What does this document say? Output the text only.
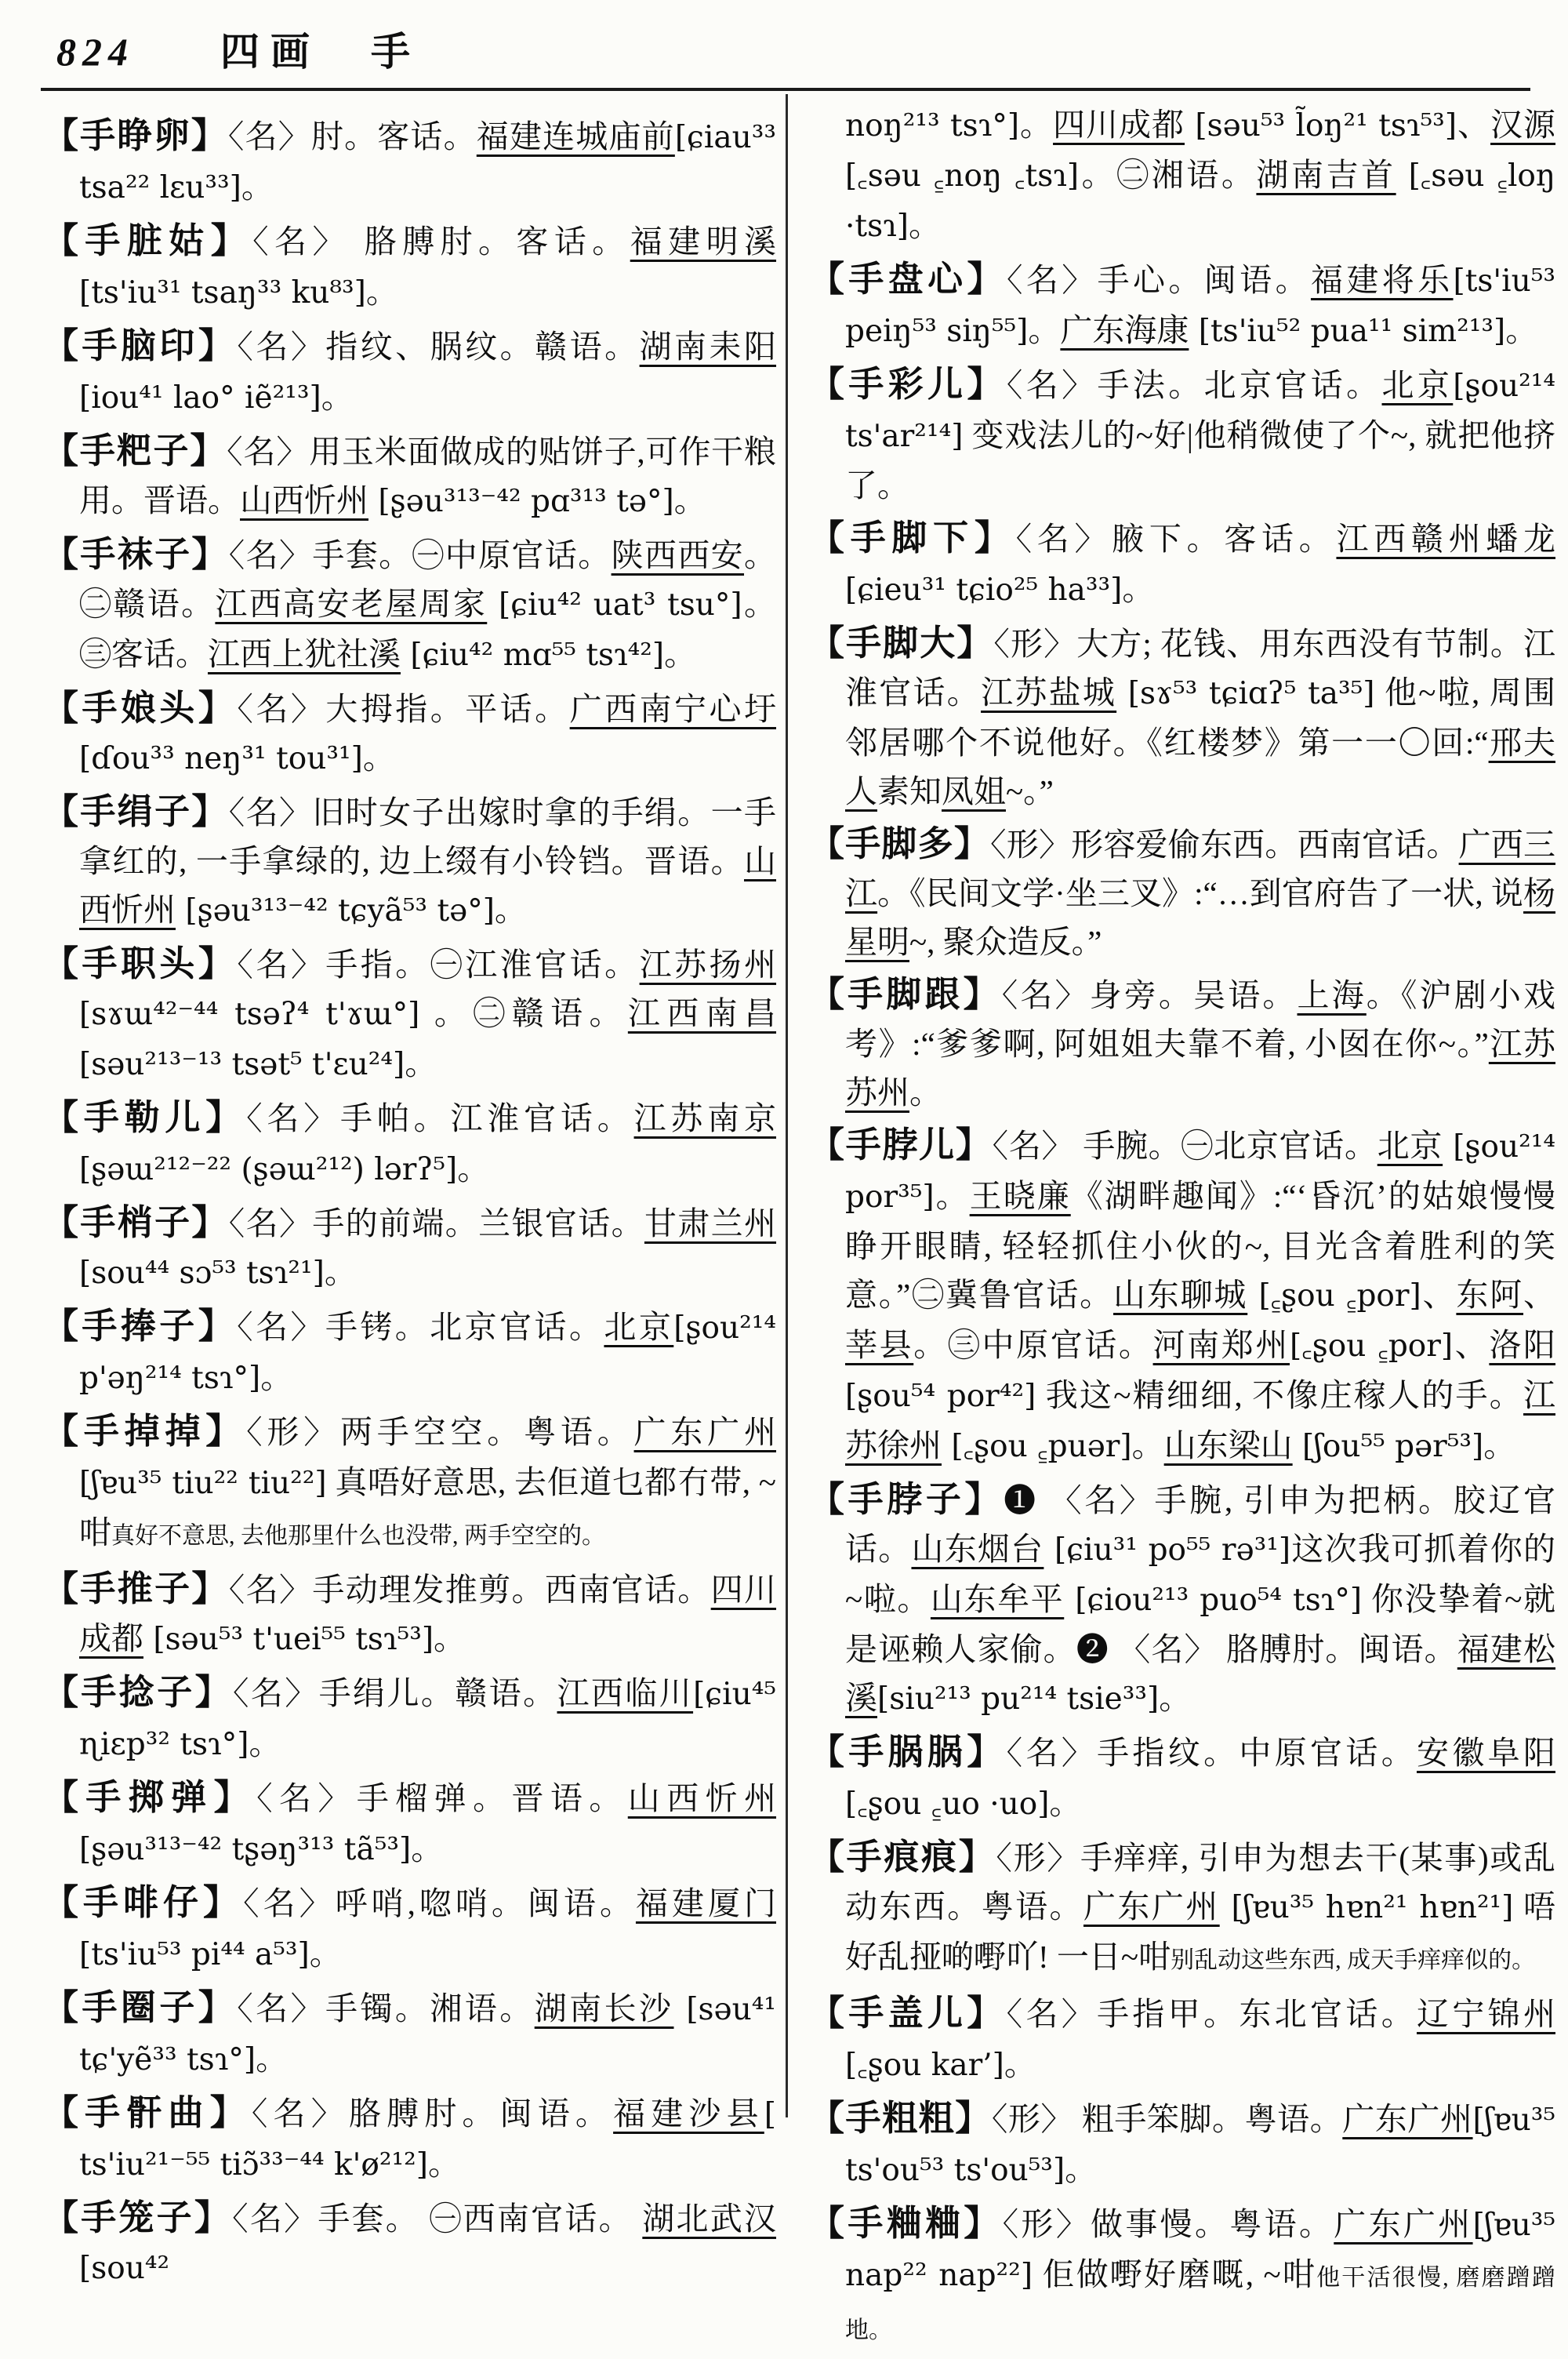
824 四画　手

【手睁卵】〈名〉肘。客话。福建连城庙前[ɕiau³³ tsa²² lɛu³³]。

【手脏姑】〈名〉 胳膊肘。客话。福建明溪 [ts'iu³¹ tsaŋ³³ ku⁸³]。

【手脑印】〈名〉指纹、脶纹。赣语。湖南耒阳 [iou⁴¹ lao° iẽ²¹³]。

【手粑子】〈名〉用玉米面做成的贴饼子,可作干粮用。晋语。山西忻州 [ʂəu³¹³⁻⁴² pɑ³¹³ tə°]。

【手袜子】〈名〉手套。㊀中原官话。陕西西安。㊁赣语。江西高安老屋周家 [ɕiu⁴² uat³ tsu°]。㊂客话。江西上犹社溪 [ɕiu⁴² mɑ⁵⁵ tsɿ⁴²]。

【手娘头】〈名〉大拇指。平话。广西南宁心圩[ɗou³³ neŋ³¹ tou³¹]。

【手绢子】〈名〉旧时女子出嫁时拿的手绢。一手拿红的, 一手拿绿的, 边上缀有小铃铛。晋语。山西忻州 [ʂəu³¹³⁻⁴² tɕyã⁵³ tə°]。

【手职头】〈名〉手指。㊀江淮官话。江苏扬州[sɤɯ⁴²⁻⁴⁴ tsəʔ⁴ t'ɤɯ°] 。㊁赣语。江西南昌[səu²¹³⁻¹³ tsət⁵ t'ɛu²⁴]。

【手勒儿】〈名〉手帕。江淮官话。江苏南京 [ʂəɯ²¹²⁻²² (ʂəɯ²¹²) lərʔ⁵]。

【手梢子】〈名〉手的前端。兰银官话。甘肃兰州[sou⁴⁴ sɔ⁵³ tsɿ²¹]。

【手捧子】〈名〉手铐。北京官话。北京[ʂou²¹⁴ p'əŋ²¹⁴ tsɿ°]。

【手掉掉】〈形〉两手空空。粤语。广东广州 [ʃɐu³⁵ tiu²² tiu²²] 真唔好意思, 去佢道乜都冇带, ~咁真好不意思, 去他那里什么也没带, 两手空空的。

【手推子】〈名〉手动理发推剪。西南官话。四川成都 [səu⁵³ t'uei⁵⁵ tsɿ⁵³]。

【手捻子】〈名〉手绢儿。赣语。江西临川[ɕiu⁴⁵ ɳiɛp³² tsɿ°]。

【手掷弹】〈名〉手榴弹。晋语。山西忻州 [ʂəu³¹³⁻⁴² tʂəŋ³¹³ tã⁵³]。

【手啡仔】〈名〉呼哨,唿哨。闽语。福建厦门 [ts'iu⁵³ pi⁴⁴ a⁵³]。

【手圈子】〈名〉手镯。湘语。湖南长沙 [səu⁴¹ tɕ'yẽ³³ tsɿ°]。

【手骭曲】〈名〉胳膊肘。闽语。福建沙县[ ts'iu²¹⁻⁵⁵ tiɔ̃³³⁻⁴⁴ k'ø²¹²]。

【手笼子】〈名〉手套。 ㊀西南官话。 湖北武汉[sou⁴²

noŋ²¹³ tsɿ°]。四川成都 [səu⁵³ l̃oŋ²¹ tsɿ⁵³]、汉源 [꜀səu ꜁noŋ ꜀tsɿ]。㊁湘语。湖南吉首 [꜀səu ꜁loŋ ·tsɿ]。

【手盘心】〈名〉手心。闽语。福建将乐[ts'iu⁵³ peiŋ⁵³ siŋ⁵⁵]。广东海康 [ts'iu⁵² pua¹¹ sim²¹³]。

【手彩儿】〈名〉手法。北京官话。北京[ʂou²¹⁴ ts'ar²¹⁴] 变戏法儿的~好|他稍微使了个~, 就把他挤了。

【手脚下】〈名〉腋下。客话。江西赣州蟠龙 [ɕieu³¹ tɕio²⁵ ha³³]。

【手脚大】〈形〉大方; 花钱、用东西没有节制。江淮官话。江苏盐城 [sɤ⁵³ tɕiɑʔ⁵ ta³⁵] 他~啦, 周围邻居哪个不说他好。《红楼梦》第一一〇回:“邢夫人素知凤姐~。”

【手脚多】〈形〉形容爱偷东西。西南官话。广西三江。《民间文学·坐三叉》:“…到官府告了一状, 说杨星明~, 聚众造反。”

【手脚跟】〈名〉身旁。吴语。上海。《沪剧小戏考》:“爹爹啊, 阿姐姐夫靠不着, 小囡在你~。”江苏苏州。

【手脖儿】〈名〉 手腕。㊀北京官话。北京 [ʂou²¹⁴ por³⁵]。王晓廉《湖畔趣闻》:“‘昏沉’的姑娘慢慢睁开眼睛, 轻轻抓住小伙的~, 目光含着胜利的笑意。”㊁冀鲁官话。山东聊城 [꜁ʂou ꜁por]、东阿、莘县。㊂中原官话。河南郑州[꜀ʂou ꜁por]、洛阳[ʂou⁵⁴ por⁴²] 我这~精细细, 不像庄稼人的手。江苏徐州 [꜀ʂou ꜁puər]。山东梁山 [ʃou⁵⁵ pər⁵³]。

【手脖子】❶ 〈名〉手腕, 引申为把柄。胶辽官话。山东烟台 [ɕiu³¹ po⁵⁵ rə³¹]这次我可抓着你的~啦。山东牟平 [ɕiou²¹³ puo⁵⁴ tsɿ°] 你没挚着~就是诬赖人家偷。❷ 〈名〉 胳膊肘。闽语。福建松溪[siu²¹³ pu²¹⁴ tsie³³]。

【手脶脶】〈名〉手指纹。中原官话。安徽阜阳 [꜀ʂou ꜁uo ·uo]。

【手痕痕】〈形〉手痒痒, 引申为想去干(某事)或乱动东西。粤语。广东广州 [ʃɐu³⁵ hɐn²¹ hɐn²¹] 唔好乱挜啲嘢吖! 一日~咁别乱动这些东西, 成天手痒痒似的。

【手盖儿】〈名〉手指甲。东北官话。辽宁锦州 [꜀ʂou kar’]。

【手粗粗】〈形〉 粗手笨脚。粤语。广东广州[ʃɐu³⁵ ts'ou⁵³ ts'ou⁵³]。

【手粬粬】〈形〉做事慢。粤语。广东广州[ʃɐu³⁵ nap²² nap²²] 佢做嘢好磨嘅, ~咁他干活很慢, 磨磨蹭蹭地。
